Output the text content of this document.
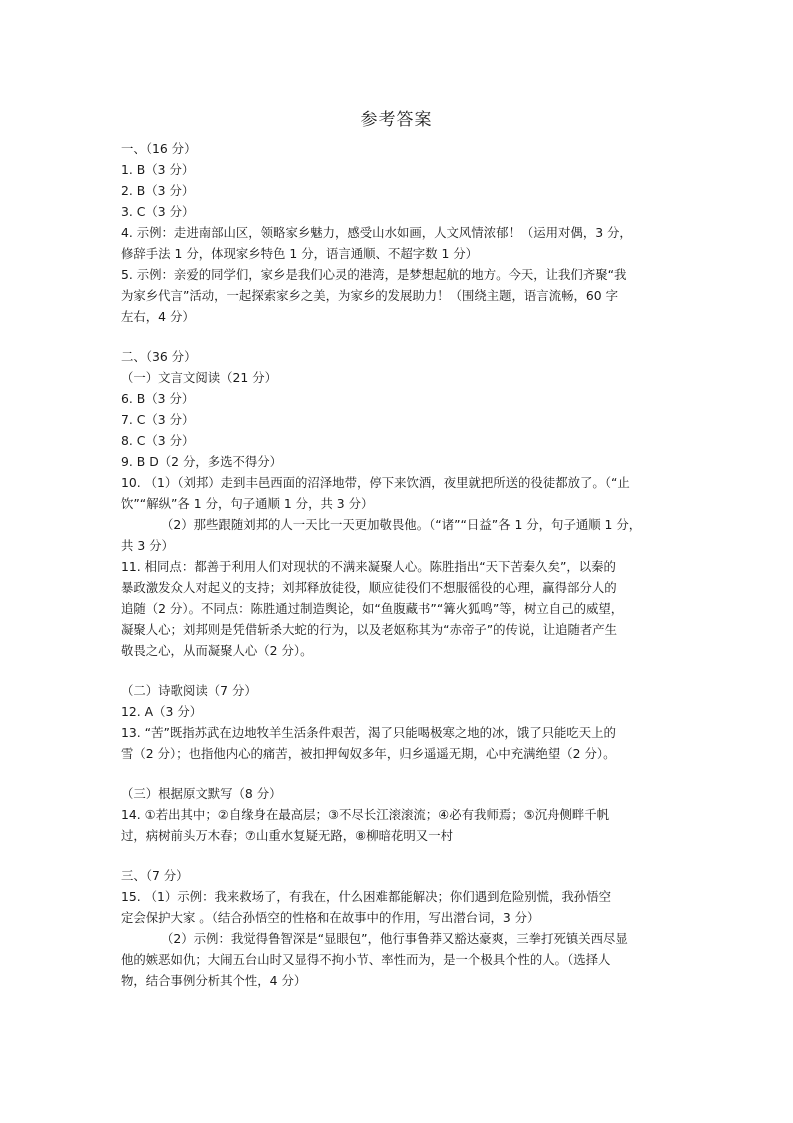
参考答案
一、（16 分）
1. B（3 分）
2. B（3 分）
3. C（3 分）
4. 示例：走进南部山区，领略家乡魅力，感受山水如画，人文风情浓郁！（运用对偶，3 分，
修辞手法 1 分，体现家乡特色 1 分，语言通顺、不超字数 1 分）
5. 示例：亲爱的同学们，家乡是我们心灵的港湾，是梦想起航的地方。今天，让我们齐聚“我
为家乡代言”活动，一起探索家乡之美，为家乡的发展助力！（围绕主题，语言流畅，60 字
左右，4 分）
二、（36 分）
（一）文言文阅读（21 分）
6. B（3 分）
7. C（3 分）
8. C（3 分）
9. B D（2 分，多选不得分）
10. （1）（刘邦）走到丰邑西面的沼泽地带，停下来饮酒，夜里就把所送的役徒都放了。（“止
饮”“解纵”各 1 分，句子通顺 1 分，共 3 分）
（2）那些跟随刘邦的人一天比一天更加敬畏他。（“诸”“日益”各 1 分，句子通顺 1 分，
共 3 分）
11. 相同点：都善于利用人们对现状的不满来凝聚人心。陈胜指出“天下苦秦久矣”，以秦的
暴政激发众人对起义的支持；刘邦释放徒役，顺应徒役们不想服徭役的心理，赢得部分人的
追随（2 分）。不同点：陈胜通过制造舆论，如“鱼腹藏书”“篝火狐鸣”等，树立自己的威望，
凝聚人心；刘邦则是凭借斩杀大蛇的行为，以及老妪称其为“赤帝子”的传说，让追随者产生
敬畏之心，从而凝聚人心（2 分）。
（二）诗歌阅读（7 分）
12. A（3 分）
13. “苦”既指苏武在边地牧羊生活条件艰苦，渴了只能喝极寒之地的冰，饿了只能吃天上的
雪（2 分）；也指他内心的痛苦，被扣押匈奴多年，归乡遥遥无期，心中充满绝望（2 分）。
（三）根据原文默写（8 分）
14. ①若出其中；②自缘身在最高层；③不尽长江滚滚流；④必有我师焉；⑤沉舟侧畔千帆
过，病树前头万木春；⑦山重水复疑无路，⑧柳暗花明又一村
三、（7 分）
15. （1）示例：我来救场了，有我在，什么困难都能解决；你们遇到危险别慌，我孙悟空
定会保护大家 。（结合孙悟空的性格和在故事中的作用，写出潜台词，3 分）
（2）示例：我觉得鲁智深是“显眼包”，他行事鲁莽又豁达豪爽，三拳打死镇关西尽显
他的嫉恶如仇；大闹五台山时又显得不拘小节、率性而为，是一个极具个性的人。（选择人
物，结合事例分析其个性，4 分）
